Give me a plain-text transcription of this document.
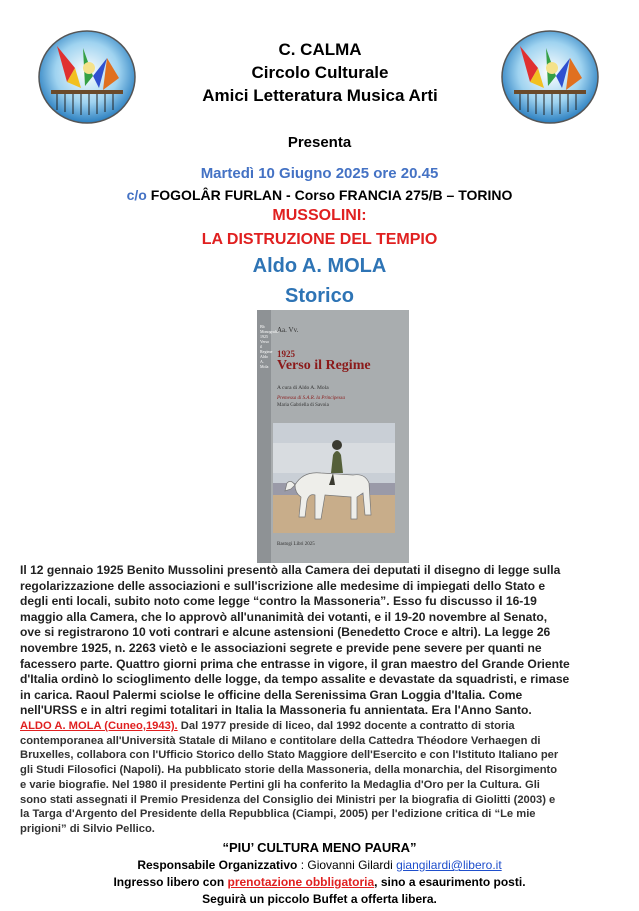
C. CALMA
Circolo Culturale
Amici Letteratura Musica Arti
Presenta
Martedì 10 Giugno 2025 ore 20.45
c/o FOGOLÂR FURLAN - Corso FRANCIA 275/B – TORINO
MUSSOLINI:
LA DISTRUZIONE DEL TEMPIO
Aldo A. MOLA
Storico
Bb Monografie 1925 Verso il Regime Aldo A. Mola
Aa. Vv.
1925
Verso il Regime
A cura di Aldo A. Mola
Premessa di S.A.R. la Principessa
Maria Gabriella di Savoia
Bastogi Libri 2025
Il 12 gennaio 1925 Benito Mussolini presentò alla Camera dei deputati il disegno di legge sulla
regolarizzazione delle associazioni e sull'iscrizione alle medesime di impiegati dello Stato e
degli enti locali, subito noto come legge “contro la Massoneria”. Esso fu discusso il 16-19
maggio alla Camera, che lo approvò all'unanimità dei votanti, e il 19-20 novembre al Senato,
ove si registrarono 10 voti contrari e alcune astensioni (Benedetto Croce e altri). La legge 26
novembre 1925, n. 2263 vietò e le associazioni segrete e previde pene severe per quanti ne
facessero parte. Quattro giorni prima che entrasse in vigore, il gran maestro del Grande Oriente
d'Italia ordinò lo scioglimento delle logge, da tempo assalite e devastate da squadristi, e rimase
in carica. Raoul Palermi sciolse le officine della Serenissima Gran Loggia d'Italia. Come
nell'URSS e in altri regimi totalitari in Italia la Massoneria fu annientata. Era l'Anno Santo.
ALDO A. MOLA (Cuneo,1943). Dal 1977 preside di liceo, dal 1992 docente a contratto di storia
contemporanea all'Università Statale di Milano e contitolare della Cattedra Théodore Verhaegen di
Bruxelles, collabora con l'Ufficio Storico dello Stato Maggiore dell'Esercito e con l'Istituto Italiano per
gli Studi Filosofici (Napoli). Ha pubblicato storie della Massoneria, della monarchia, del Risorgimento
e varie biografie. Nel 1980 il presidente Pertini gli ha conferito la Medaglia d'Oro per la Cultura. Gli
sono stati assegnati il Premio Presidenza del Consiglio dei Ministri per la biografia di Giolitti (2003) e
la Targa d'Argento del Presidente della Repubblica (Ciampi, 2005) per l'edizione critica di “Le mie
prigioni” di Silvio Pellico.
“PIU’ CULTURA MENO PAURA”
Responsabile Organizzativo : Giovanni Gilardi giangilardi@libero.it
Ingresso libero con prenotazione obbligatoria, sino a esaurimento posti.
Seguirà un piccolo Buffet a offerta libera.
